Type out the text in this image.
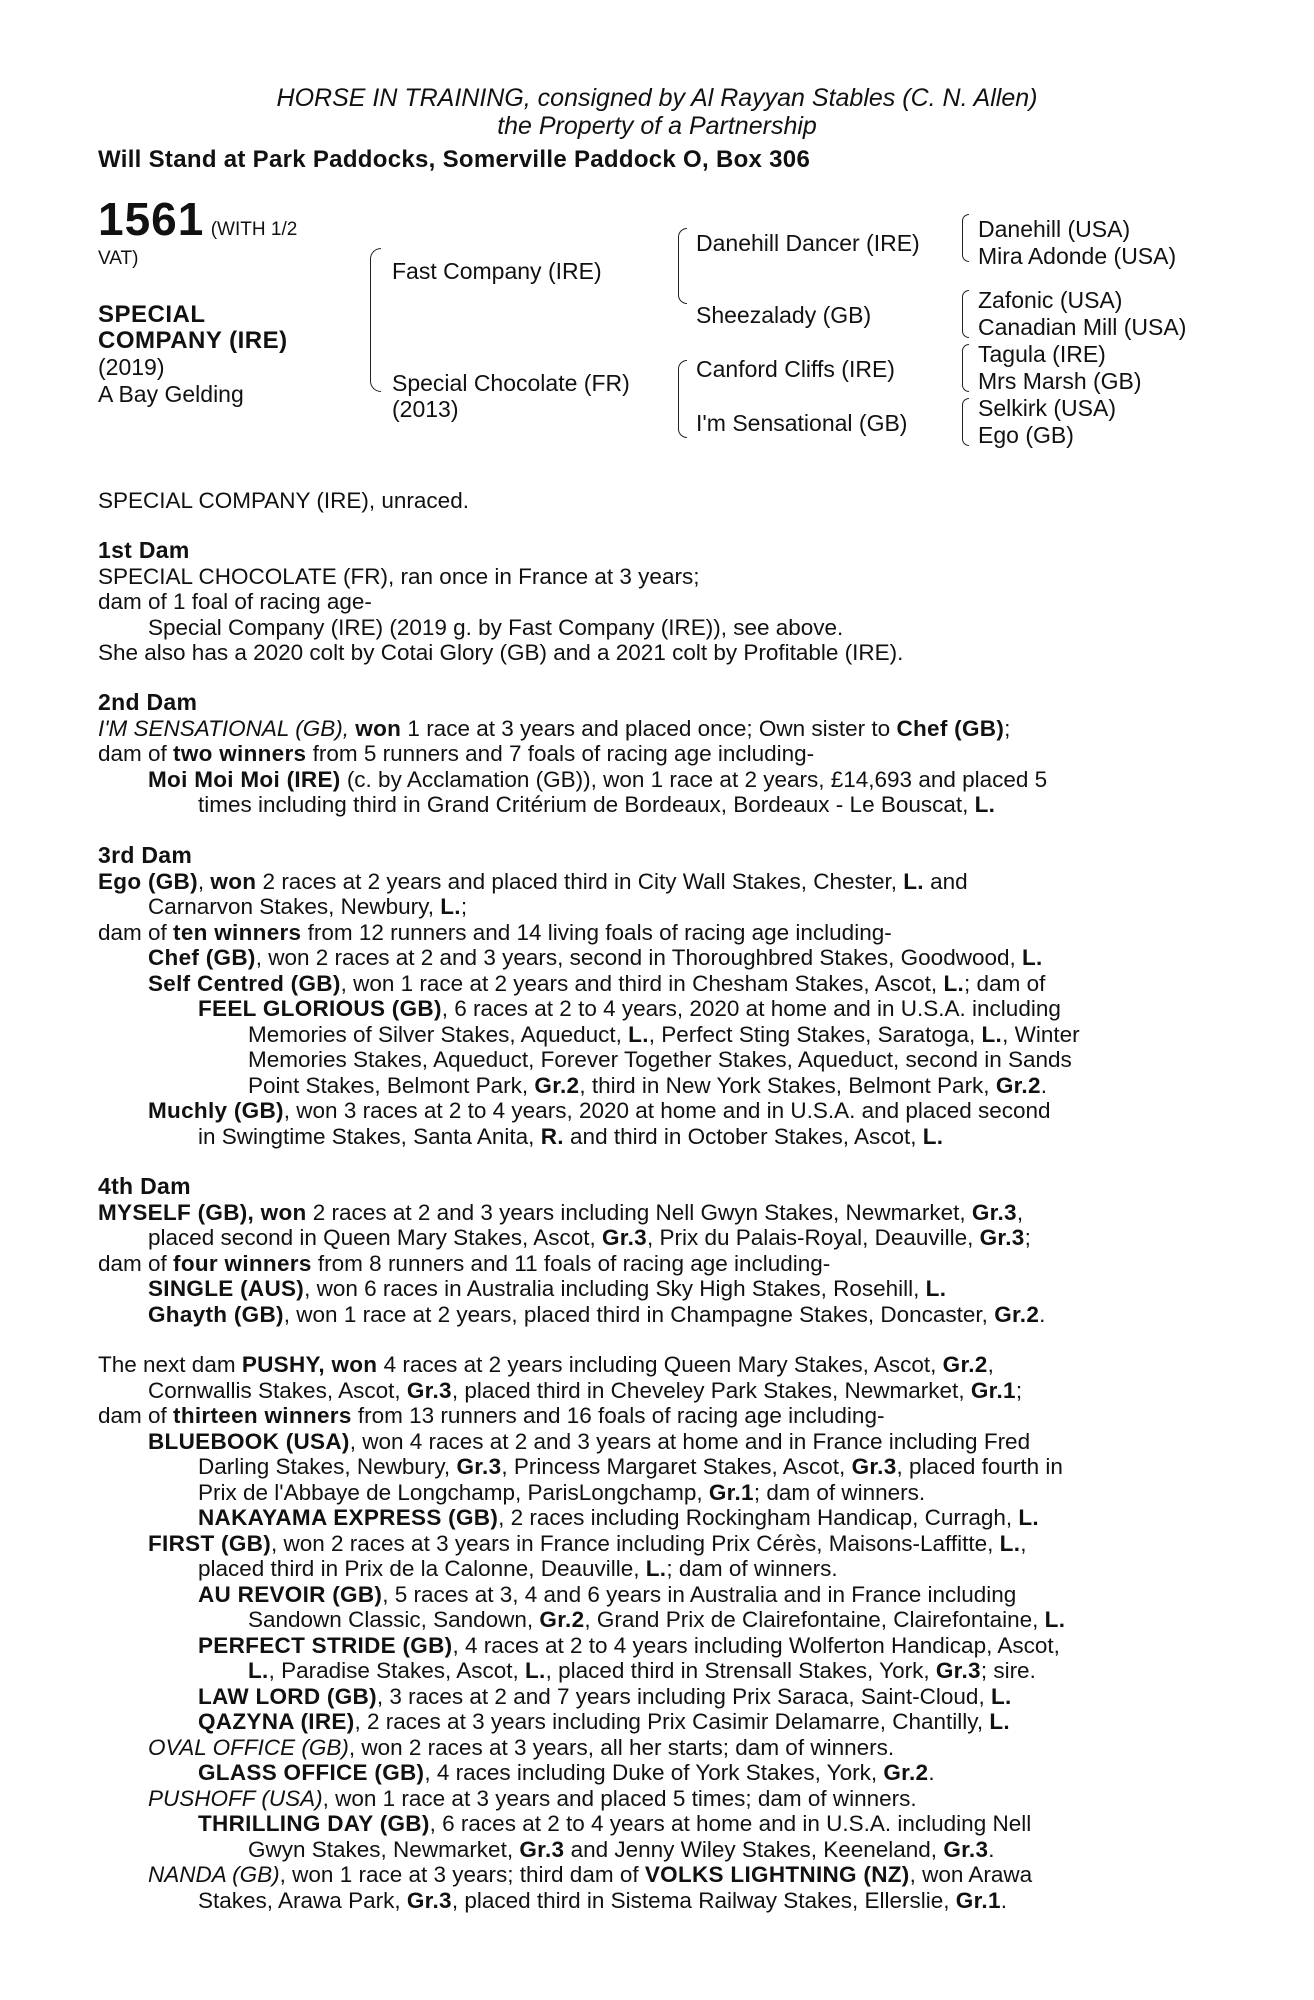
HORSE IN TRAINING, consigned by Al Rayyan Stables (C. N. Allen)
the Property of a Partnership
Will Stand at Park Paddocks, Somerville Paddock O, Box 306
1561 (WITH 1/2
VAT)
SPECIAL
COMPANY (IRE)
(2019)
A Bay Gelding
Fast Company (IRE)
Special Chocolate (FR)
(2013)
Danehill Dancer (IRE)
Sheezalady (GB)
Canford Cliffs (IRE)
I'm Sensational (GB)
Danehill (USA)
Mira Adonde (USA)
Zafonic (USA)
Canadian Mill (USA)
Tagula (IRE)
Mrs Marsh (GB)
Selkirk (USA)
Ego (GB)
SPECIAL COMPANY (IRE), unraced.
1st Dam
SPECIAL CHOCOLATE (FR), ran once in France at 3 years;
dam of 1 foal of racing age-
Special Company (IRE) (2019 g. by Fast Company (IRE)), see above.
She also has a 2020 colt by Cotai Glory (GB) and a 2021 colt by Profitable (IRE).
2nd Dam
I'M SENSATIONAL (GB), won 1 race at 3 years and placed once; Own sister to Chef (GB);
dam of two winners from 5 runners and 7 foals of racing age including-
Moi Moi Moi (IRE) (c. by Acclamation (GB)), won 1 race at 2 years, £14,693 and placed 5
times including third in Grand Critérium de Bordeaux, Bordeaux - Le Bouscat, L.
3rd Dam
Ego (GB), won 2 races at 2 years and placed third in City Wall Stakes, Chester, L. and
Carnarvon Stakes, Newbury, L.;
dam of ten winners from 12 runners and 14 living foals of racing age including-
Chef (GB), won 2 races at 2 and 3 years, second in Thoroughbred Stakes, Goodwood, L.
Self Centred (GB), won 1 race at 2 years and third in Chesham Stakes, Ascot, L.; dam of
FEEL GLORIOUS (GB), 6 races at 2 to 4 years, 2020 at home and in U.S.A. including
Memories of Silver Stakes, Aqueduct, L., Perfect Sting Stakes, Saratoga, L., Winter
Memories Stakes, Aqueduct, Forever Together Stakes, Aqueduct, second in Sands
Point Stakes, Belmont Park, Gr.2, third in New York Stakes, Belmont Park, Gr.2.
Muchly (GB), won 3 races at 2 to 4 years, 2020 at home and in U.S.A. and placed second
in Swingtime Stakes, Santa Anita, R. and third in October Stakes, Ascot, L.
4th Dam
MYSELF (GB), won 2 races at 2 and 3 years including Nell Gwyn Stakes, Newmarket, Gr.3,
placed second in Queen Mary Stakes, Ascot, Gr.3, Prix du Palais-Royal, Deauville, Gr.3;
dam of four winners from 8 runners and 11 foals of racing age including-
SINGLE (AUS), won 6 races in Australia including Sky High Stakes, Rosehill, L.
Ghayth (GB), won 1 race at 2 years, placed third in Champagne Stakes, Doncaster, Gr.2.
The next dam PUSHY, won 4 races at 2 years including Queen Mary Stakes, Ascot, Gr.2,
Cornwallis Stakes, Ascot, Gr.3, placed third in Cheveley Park Stakes, Newmarket, Gr.1;
dam of thirteen winners from 13 runners and 16 foals of racing age including-
BLUEBOOK (USA), won 4 races at 2 and 3 years at home and in France including Fred
Darling Stakes, Newbury, Gr.3, Princess Margaret Stakes, Ascot, Gr.3, placed fourth in
Prix de l'Abbaye de Longchamp, ParisLongchamp, Gr.1; dam of winners.
NAKAYAMA EXPRESS (GB), 2 races including Rockingham Handicap, Curragh, L.
FIRST (GB), won 2 races at 3 years in France including Prix Cérès, Maisons-Laffitte, L.,
placed third in Prix de la Calonne, Deauville, L.; dam of winners.
AU REVOIR (GB), 5 races at 3, 4 and 6 years in Australia and in France including
Sandown Classic, Sandown, Gr.2, Grand Prix de Clairefontaine, Clairefontaine, L.
PERFECT STRIDE (GB), 4 races at 2 to 4 years including Wolferton Handicap, Ascot,
L., Paradise Stakes, Ascot, L., placed third in Strensall Stakes, York, Gr.3; sire.
LAW LORD (GB), 3 races at 2 and 7 years including Prix Saraca, Saint-Cloud, L.
QAZYNA (IRE), 2 races at 3 years including Prix Casimir Delamarre, Chantilly, L.
OVAL OFFICE (GB), won 2 races at 3 years, all her starts; dam of winners.
GLASS OFFICE (GB), 4 races including Duke of York Stakes, York, Gr.2.
PUSHOFF (USA), won 1 race at 3 years and placed 5 times; dam of winners.
THRILLING DAY (GB), 6 races at 2 to 4 years at home and in U.S.A. including Nell
Gwyn Stakes, Newmarket, Gr.3 and Jenny Wiley Stakes, Keeneland, Gr.3.
NANDA (GB), won 1 race at 3 years; third dam of VOLKS LIGHTNING (NZ), won Arawa
Stakes, Arawa Park, Gr.3, placed third in Sistema Railway Stakes, Ellerslie, Gr.1.
